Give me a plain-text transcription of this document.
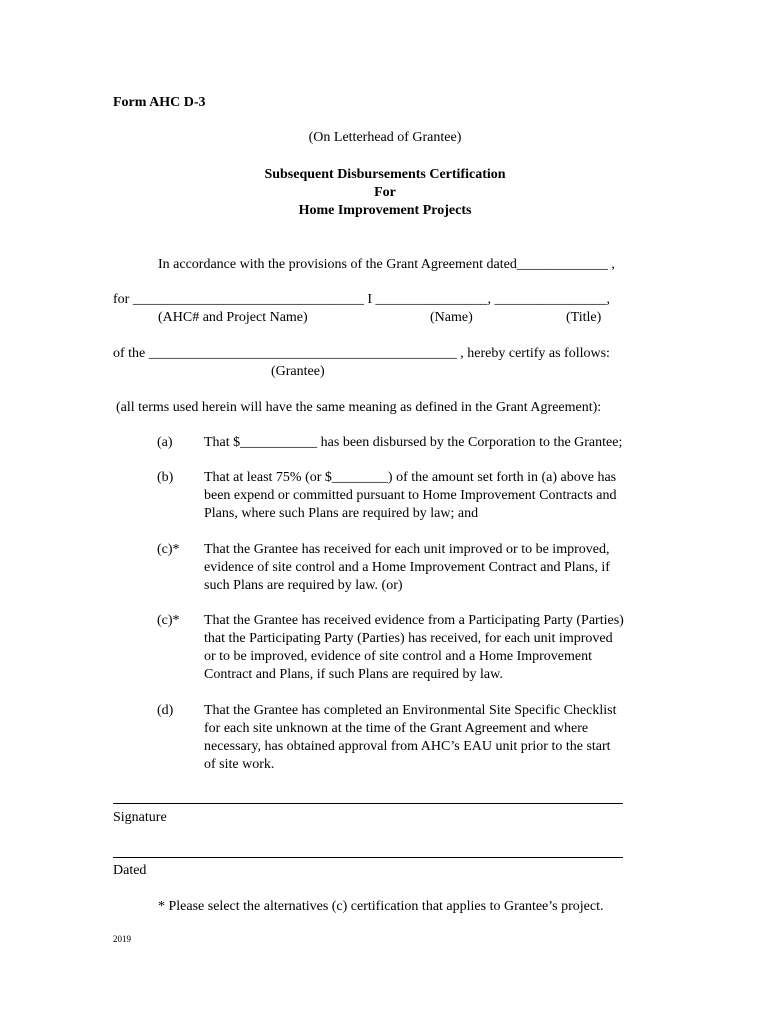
Form AHC D-3
(On Letterhead of Grantee)
Subsequent Disbursements Certification
For
Home Improvement Projects
In accordance with the provisions of the Grant Agreement dated_____________ ,
for _________________________________ I ________________, ________________,
(AHC# and Project Name)	(Name)	(Title)
of the ____________________________________________ , hereby certify as follows:
(Grantee)
(all terms used herein will have the same meaning as defined in the Grant Agreement):
(a) That $___________ has been disbursed by the Corporation to the Grantee;
(b) That at least 75% (or $________) of the amount set forth in (a) above has
been expend or committed pursuant to Home Improvement Contracts and
Plans, where such Plans are required by law; and
(c)* That the Grantee has received for each unit improved or to be improved,
evidence of site control and a Home Improvement Contract and Plans, if
such Plans are required by law. (or)
(c)* That the Grantee has received evidence from a Participating Party (Parties)
that the Participating Party (Parties) has received, for each unit improved
or to be improved, evidence of site control and a Home Improvement
Contract and Plans, if such Plans are required by law.
(d) That the Grantee has completed an Environmental Site Specific Checklist
for each site unknown at the time of the Grant Agreement and where
necessary, has obtained approval from AHC’s EAU unit prior to the start
of site work.
Signature
Dated
* Please select the alternatives (c) certification that applies to Grantee’s project.
2019
